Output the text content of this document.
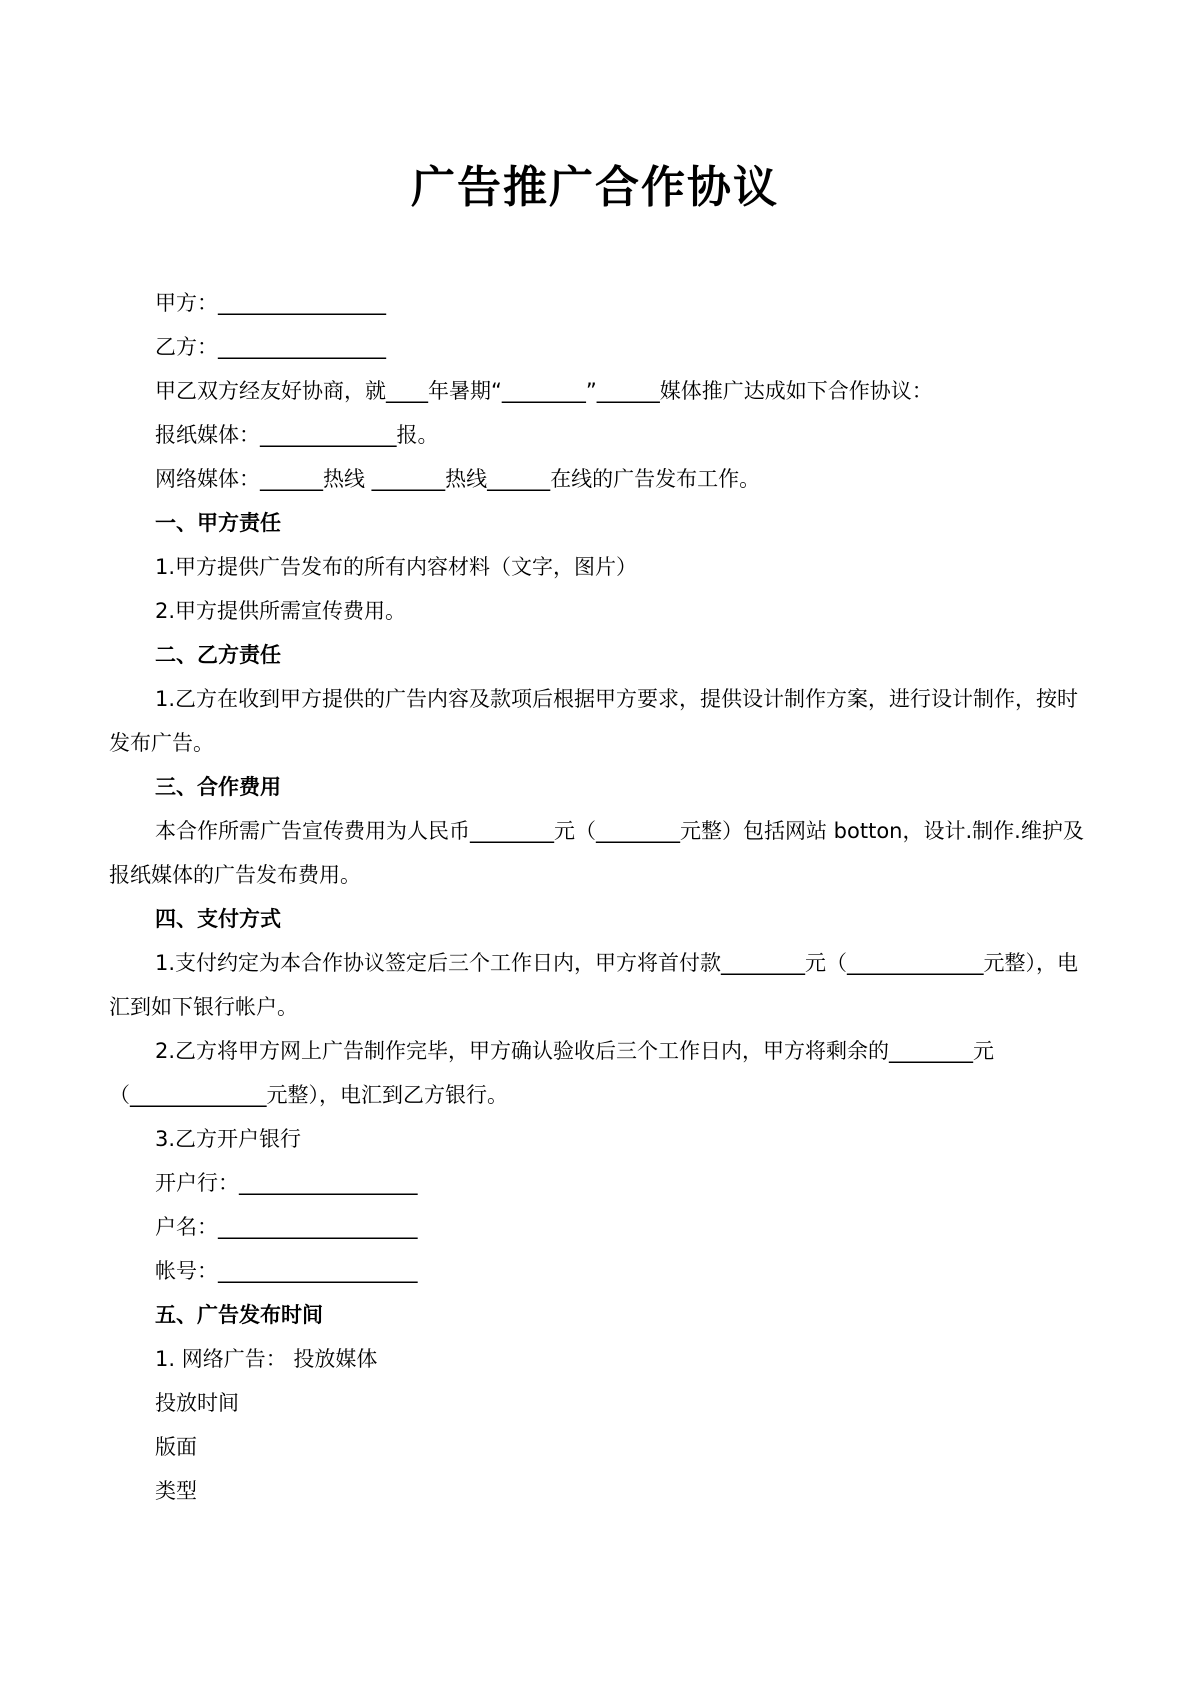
广告推广合作协议

甲方：________________

乙方：________________

甲乙双方经友好协商，就____年暑期“________”______媒体推广达成如下合作协议：

报纸媒体：_____________报。

网络媒体：______热线 _______热线______在线的广告发布工作。

一、甲方责任

1.甲方提供广告发布的所有内容材料（文字，图片）

2.甲方提供所需宣传费用。

二、乙方责任

1.乙方在收到甲方提供的广告内容及款项后根据甲方要求，提供设计制作方案，进行设计制作，按时发布广告。

三、合作费用

本合作所需广告宣传费用为人民币________元（________元整）包括网站 botton，设计.制作.维护及报纸媒体的广告发布费用。

四、支付方式

1.支付约定为本合作协议签定后三个工作日内，甲方将首付款________元（_____________元整），电汇到如下银行帐户。

2.乙方将甲方网上广告制作完毕，甲方确认验收后三个工作日内，甲方将剩余的________元（_____________元整），电汇到乙方银行。

3.乙方开户银行

开户行：_________________

户名：___________________

帐号：___________________

五、广告发布时间

1. 网络广告： 投放媒体

投放时间

版面

类型
